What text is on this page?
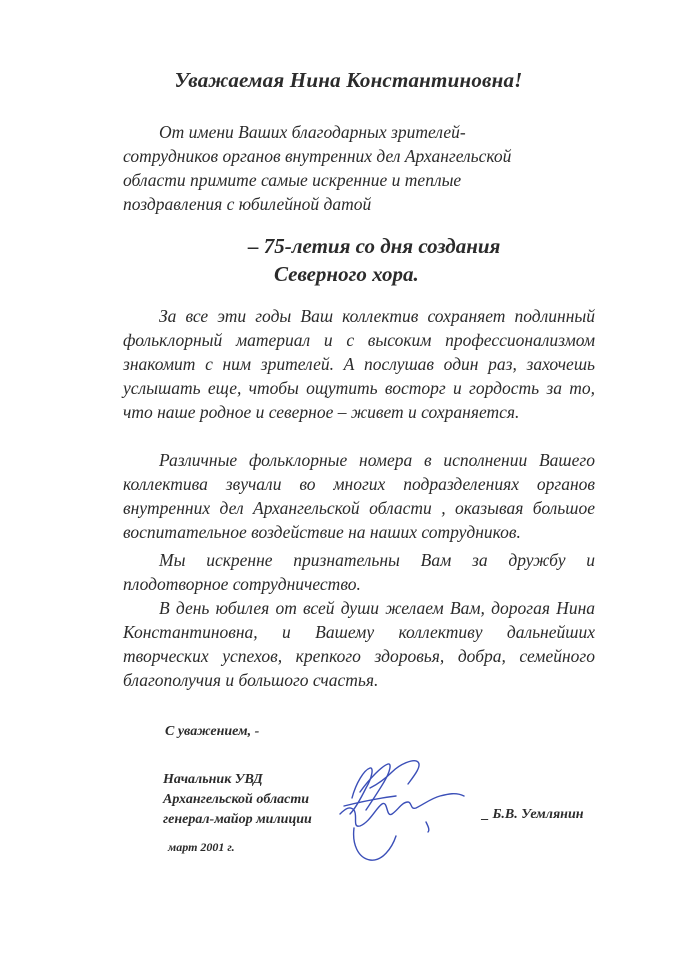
Уважаемая Нина Константиновна!
От имени Ваших благодарных зрителей-
сотрудников органов внутренних дел Архангельской
области примите самые искренние и теплые
поздравления с юбилейной датой
– 75-летия со дня создания
Северного хора.

За все эти годы Ваш коллектив сохраняет подлинный фольклорный материал и с высоким профессионализмом знакомит с ним зрителей. А послушав один раз, захочешь услышать еще, чтобы ощутить восторг и гордость за то, что наше родное и северное – живет и сохраняется.

Различные фольклорные номера в исполнении Вашего коллектива звучали во многих подразделениях органов внутренних дел Архангельской области , оказывая большое воспитательное воздействие на наших сотрудников.

Мы искренне признательны Вам за дружбу и плодотворное сотрудничество.

В день юбилея от всей души желаем Вам, дорогая Нина Константиновна, и Вашему коллективу дальнейших творческих успехов, крепкого здоровья, добра, семейного благополучия и большого счастья.

С уважением, -

Начальник УВД
Архангельской области
генерал-майор милиции	_ Б.В. Уемлянин
март 2001 г.
